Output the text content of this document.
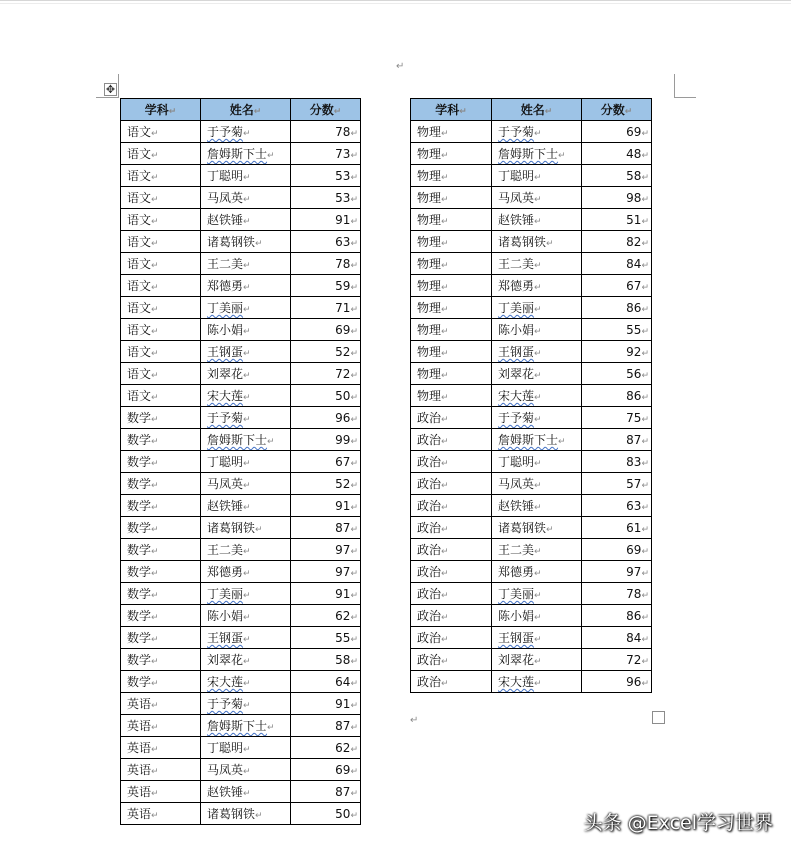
↵
↵
✥
学科↵	姓名↵	分数↵
语文↵	于予菊↵	78↵
语文↵	詹姆斯下士↵	73↵
语文↵	丁聪明↵	53↵
语文↵	马凤英↵	53↵
语文↵	赵铁锤↵	91↵
语文↵	诸葛钢铁↵	63↵
语文↵	王二美↵	78↵
语文↵	郑德勇↵	59↵
语文↵	丁美丽↵	71↵
语文↵	陈小娟↵	69↵
语文↵	王钢蛋↵	52↵
语文↵	刘翠花↵	72↵
语文↵	宋大莲↵	50↵
数学↵	于予菊↵	96↵
数学↵	詹姆斯下士↵	99↵
数学↵	丁聪明↵	67↵
数学↵	马凤英↵	52↵
数学↵	赵铁锤↵	91↵
数学↵	诸葛钢铁↵	87↵
数学↵	王二美↵	97↵
数学↵	郑德勇↵	97↵
数学↵	丁美丽↵	91↵
数学↵	陈小娟↵	62↵
数学↵	王钢蛋↵	55↵
数学↵	刘翠花↵	58↵
数学↵	宋大莲↵	64↵
英语↵	于予菊↵	91↵
英语↵	詹姆斯下士↵	87↵
英语↵	丁聪明↵	62↵
英语↵	马凤英↵	69↵
英语↵	赵铁锤↵	87↵
英语↵	诸葛钢铁↵	50↵
学科↵	姓名↵	分数↵
物理↵	于予菊↵	69↵
物理↵	詹姆斯下士↵	48↵
物理↵	丁聪明↵	58↵
物理↵	马凤英↵	98↵
物理↵	赵铁锤↵	51↵
物理↵	诸葛钢铁↵	82↵
物理↵	王二美↵	84↵
物理↵	郑德勇↵	67↵
物理↵	丁美丽↵	86↵
物理↵	陈小娟↵	55↵
物理↵	王钢蛋↵	92↵
物理↵	刘翠花↵	56↵
物理↵	宋大莲↵	86↵
政治↵	于予菊↵	75↵
政治↵	詹姆斯下士↵	87↵
政治↵	丁聪明↵	83↵
政治↵	马凤英↵	57↵
政治↵	赵铁锤↵	63↵
政治↵	诸葛钢铁↵	61↵
政治↵	王二美↵	69↵
政治↵	郑德勇↵	97↵
政治↵	丁美丽↵	78↵
政治↵	陈小娟↵	86↵
政治↵	王钢蛋↵	84↵
政治↵	刘翠花↵	72↵
政治↵	宋大莲↵	96↵
头条 @Excel学习世界
